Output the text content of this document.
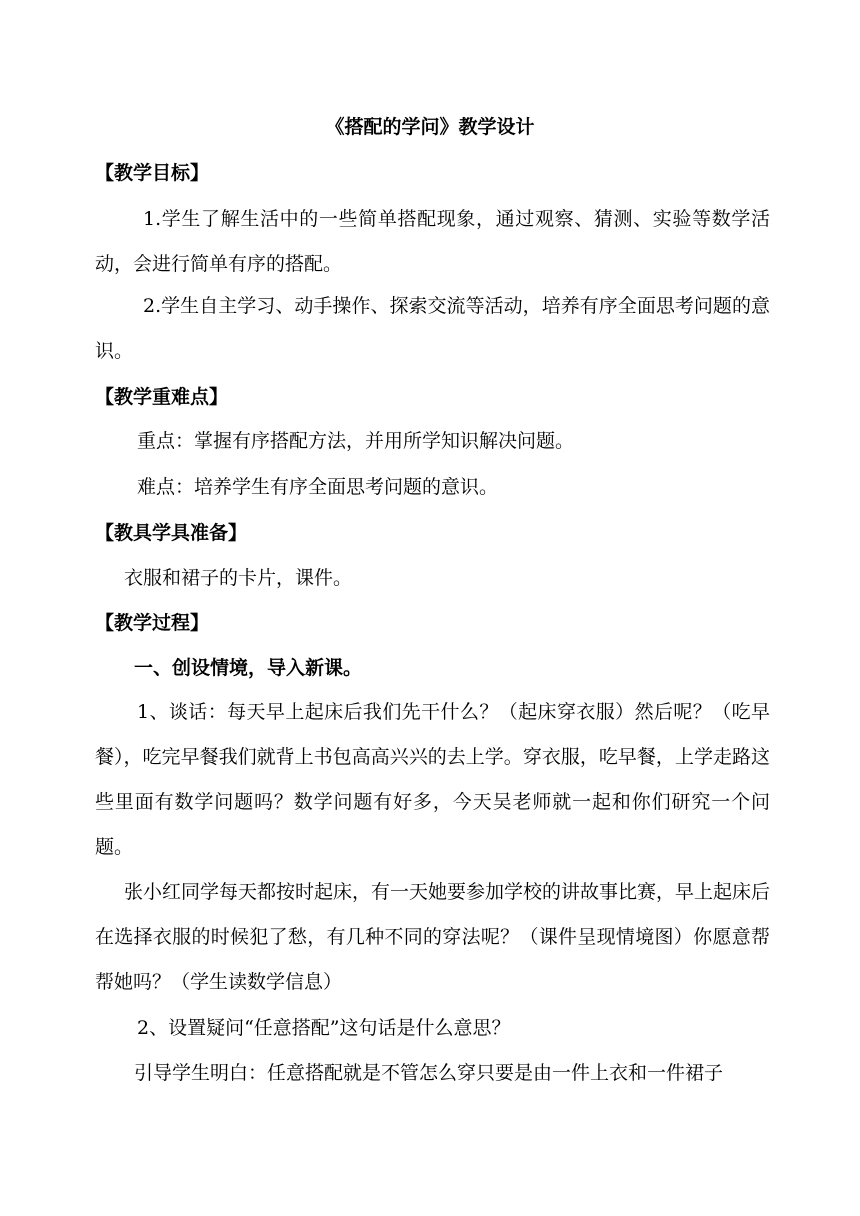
《搭配的学问》教学设计
【教学目标】

1.学生了解生活中的一些简单搭配现象，通过观察、猜测、实验等数学活动，会进行简单有序的搭配。

2.学生自主学习、动手操作、探索交流等活动，培养有序全面思考问题的意识。

【教学重难点】
重点：掌握有序搭配方法，并用所学知识解决问题。
难点：培养学生有序全面思考问题的意识。
【教具学具准备】
衣服和裙子的卡片，课件。
【教学过程】
一、创设情境，导入新课。

1、谈话：每天早上起床后我们先干什么？（起床穿衣服）然后呢？（吃早餐），吃完早餐我们就背上书包高高兴兴的去上学。穿衣服，吃早餐，上学走路这些里面有数学问题吗？数学问题有好多，今天吴老师就一起和你们研究一个问题。

张小红同学每天都按时起床，有一天她要参加学校的讲故事比赛，早上起床后在选择衣服的时候犯了愁，有几种不同的穿法呢？（课件呈现情境图）你愿意帮帮她吗？（学生读数学信息）

2、设置疑问“任意搭配”这句话是什么意思？
引导学生明白：任意搭配就是不管怎么穿只要是由一件上衣和一件裙子
